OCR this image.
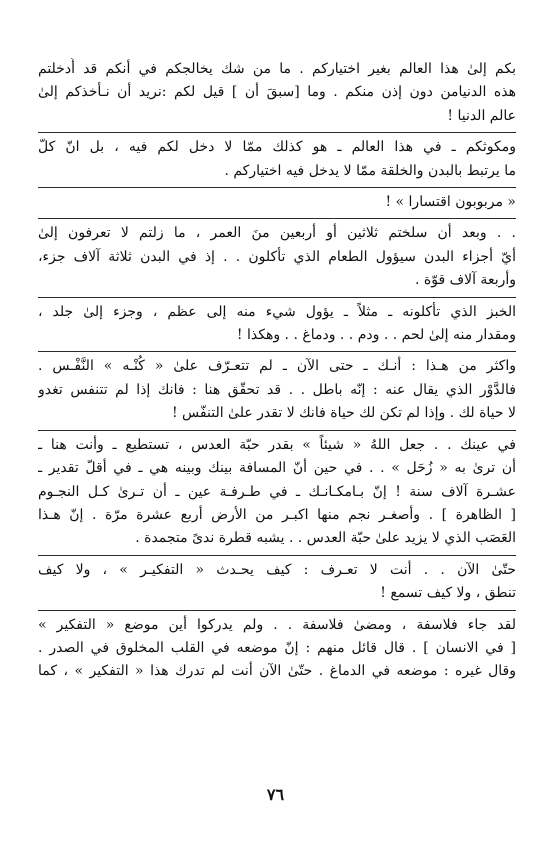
بكم إلىٰ هذا العالم بغير اختياركم . ما من شك يخالجكم في أنكم قد أُدخلتم
هذه الدنيامن دون إذن منكم . وما [سبقَ أن ] قيل لكم :نريد أن نـأخذكم إلىٰ
عالم الدنيا !
ومكوثكم ـ في هذا العالم ـ هو كذلك ممّا لا دخل لكم فيه ، بل انّ كلّ
ما يرتبط بالبدن والخلقة ممّا لا يدخل فيه اختياركم .
« مربوبون اقتسارا » !
. . وبعد أن سلختم ثلاثين أو أربعين منَ العمر ، ما زلتم لا تعرفون إلىٰ
أيّ أجزاء البدن سيؤول الطعام الذي تأكلون . . إذ في البدن ثلاثة آلاف جزء،
وأربعة آلاف قوّة .
الخبز الذي تأكلونه ـ مثلاً ـ يؤول شيء منه إلى عظم ، وجزء إلىٰ جلد ،
ومقدار منه إلىٰ لحم . . ودم . . ودماغ . . وهكذا !
واكثر من هـذا : أنـك ـ حتى الآن ـ لم تتعـرّف علىٰ « كُنْـه » النَّفْـس .
فالدَّوْر الذي يقال عنه : إنّه باطل . . قد تحقّق هنا : فانك إذا لم تتنفس تغدو
لا حياة لك . وإذا لم تكن لك حياة فانك لا تقدر علىٰ التنفّس !
في عينك . . جعل اللهُ « شيئاً » بقدر حبّة العدس ، تستطيع ـ وأنت هنا ـ
أن ترىٰ به « زُحَل » . . في حين أنّ المسافة بينك وبينه هي ـ في أقلّ تقدير ـ
عشـرة آلاف سنة ! إنّ بـامكـانـك ـ في طـرفـة عين ـ أن تـرىٰ كـل النجـوم
[ الظاهرة ] . وأصغـر نجم منها اكبـر من الأرض أربع عشرة مرّة . إنّ هـذا
العَصَب الذي لا يزيد علىٰ حبّة العدس . . يشبه قطرة ندىً متجمدة .
حتّىٰ الآن . . أنت لا تعـرف : كيف يحـدث « التفكيـر » ، ولا كيف
تنطق ، ولا كيف تسمع !
لقد جاء فلاسفة ، ومضىٰ فلاسفة . . ولم يدركوا أين موضع « التفكير »
[ في الانسان ] . قال قائل منهم : إنّ موضعه في القلب المخلوق في الصدر .
وقال غيره : موضعه في الدماغ . حتّىٰ الآن أنت لم تدرك هذا « التفكير » ، كما
٧٦
